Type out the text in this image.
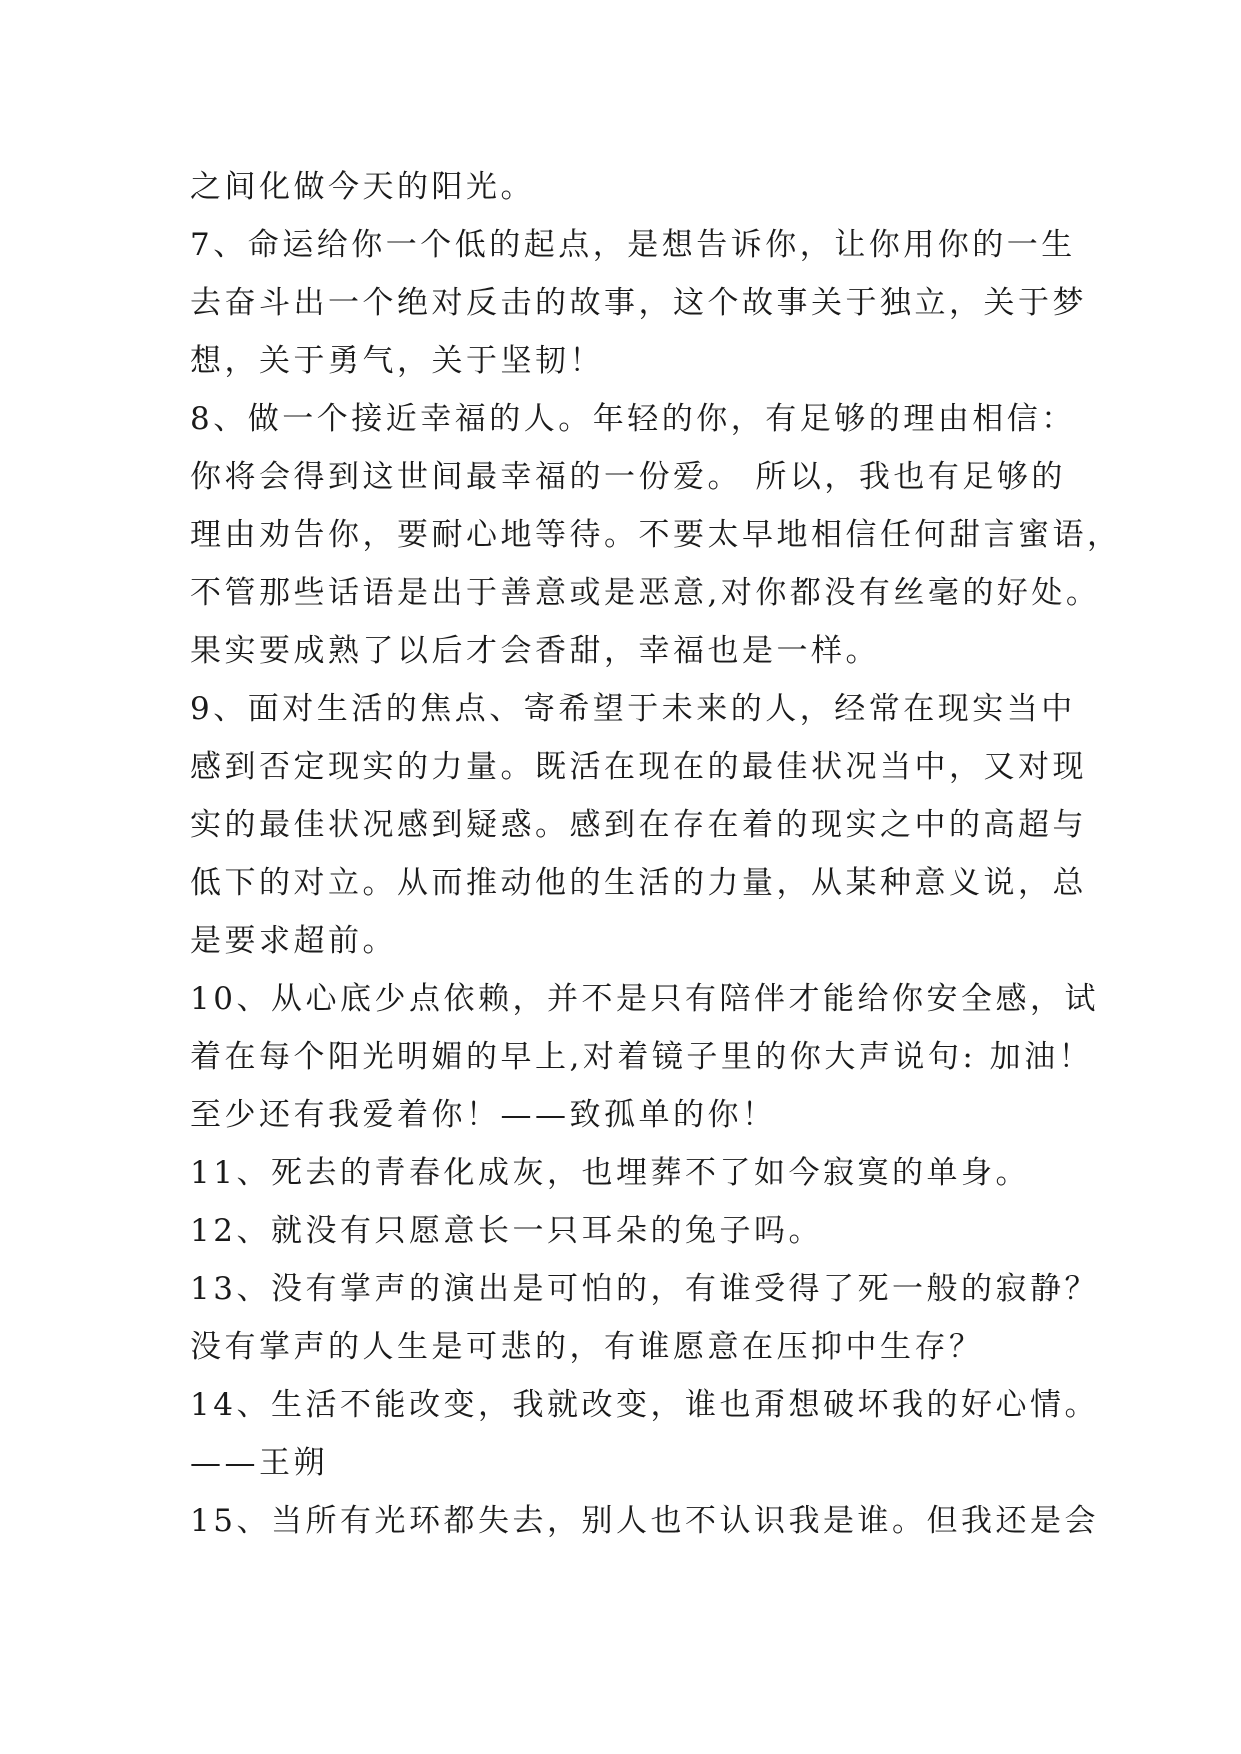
之间化做今天的阳光。
7、命运给你一个低的起点，是想告诉你，让你用你的一生
去奋斗出一个绝对反击的故事，这个故事关于独立，关于梦
想，关于勇气，关于坚韧！
8、做一个接近幸福的人。年轻的你，有足够的理由相信：
你将会得到这世间最幸福的一份爱。 所以，我也有足够的
理由劝告你，要耐心地等待。不要太早地相信任何甜言蜜语，
不管那些话语是出于善意或是恶意,对你都没有丝毫的好处。
果实要成熟了以后才会香甜，幸福也是一样。
9、面对生活的焦点、寄希望于未来的人，经常在现实当中
感到否定现实的力量。既活在现在的最佳状况当中，又对现
实的最佳状况感到疑惑。感到在存在着的现实之中的高超与
低下的对立。从而推动他的生活的力量，从某种意义说，总
是要求超前。
10、从心底少点依赖，并不是只有陪伴才能给你安全感，试
着在每个阳光明媚的早上,对着镜子里的你大声说句: 加油！
至少还有我爱着你！——致孤单的你！
11、死去的青春化成灰，也埋葬不了如今寂寞的单身。
12、就没有只愿意长一只耳朵的兔子吗。
13、没有掌声的演出是可怕的，有谁受得了死一般的寂静？
没有掌声的人生是可悲的，有谁愿意在压抑中生存？
14、生活不能改变，我就改变，谁也甭想破坏我的好心情。
——王朔
15、当所有光环都失去，别人也不认识我是谁。但我还是会
